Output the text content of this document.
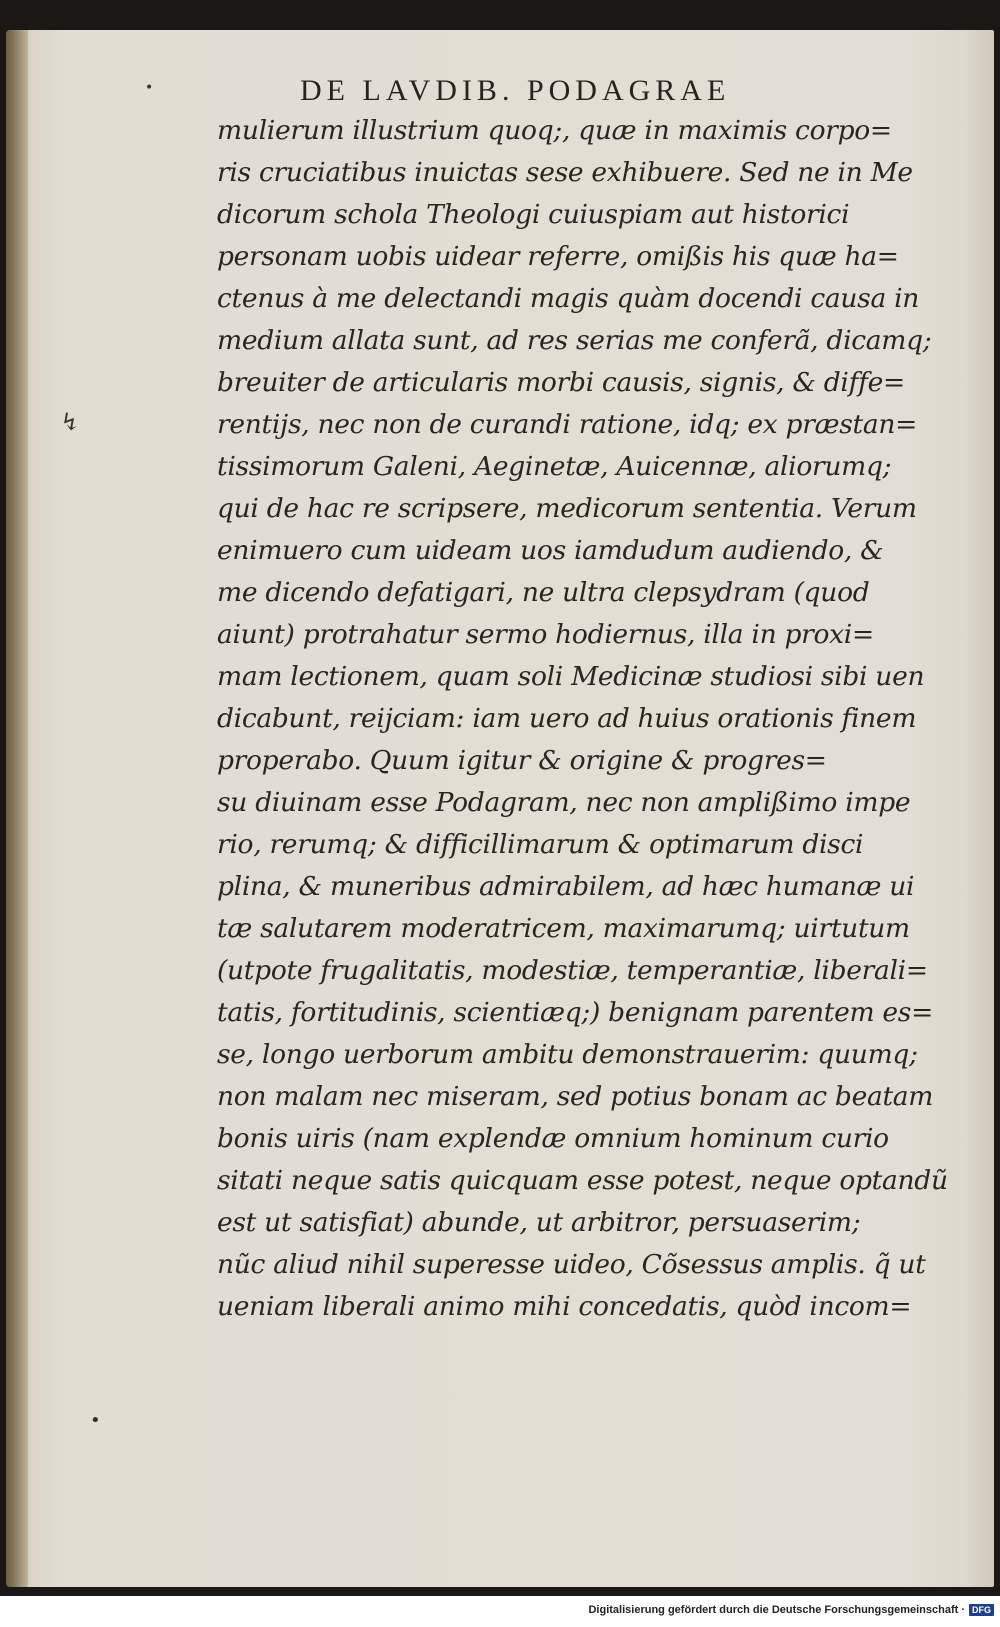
•
↯
•
DE LAVDIB. PODAGRAE
mulierum illustrium quoq;, quæ in maximis corpo=
ris cruciatibus inuictas sese exhibuere. Sed ne in Me
dicorum schola Theologi cuiuspiam aut historici
personam uobis uidear referre, omißis his quæ ha=
ctenus à me delectandi magis quàm docendi causa in
medium allata sunt, ad res serias me conferã, dicamq;
breuiter de articularis morbi causis, signis, & diffe=
rentijs, nec non de curandi ratione, idq; ex præstan=
tissimorum Galeni, Aeginetæ, Auicennæ, aliorumq;
qui de hac re scripsere, medicorum sententia. Verum
enimuero cum uideam uos iamdudum audiendo, &
me dicendo defatigari, ne ultra clepsydram (quod
aiunt) protrahatur sermo hodiernus, illa in proxi=
mam lectionem, quam soli Medicinæ studiosi sibi uen
dicabunt, reijciam: iam uero ad huius orationis finem
properabo. Quum igitur & origine & progres=
su diuinam esse Podagram, nec non amplißimo impe
rio, rerumq; & difficillimarum & optimarum disci
plina, & muneribus admirabilem, ad hæc humanæ ui
tæ salutarem moderatricem, maximarumq; uirtutum
(utpote frugalitatis, modestiæ, temperantiæ, liberali=
tatis, fortitudinis, scientiæq;) benignam parentem es=
se, longo uerborum ambitu demonstrauerim: quumq;
non malam nec miseram, sed potius bonam ac beatam
bonis uiris (nam explendæ omnium hominum curio
sitati neque satis quicquam esse potest, neque optandũ
est ut satisfiat) abunde, ut arbitror, persuaserim;
nũc aliud nihil superesse uideo, Cõsessus amplis. q̃ ut
ueniam liberali animo mihi concedatis, quòd incom=
Digitalisierung gefördert durch die Deutsche Forschungsgemeinschaft · DFG
